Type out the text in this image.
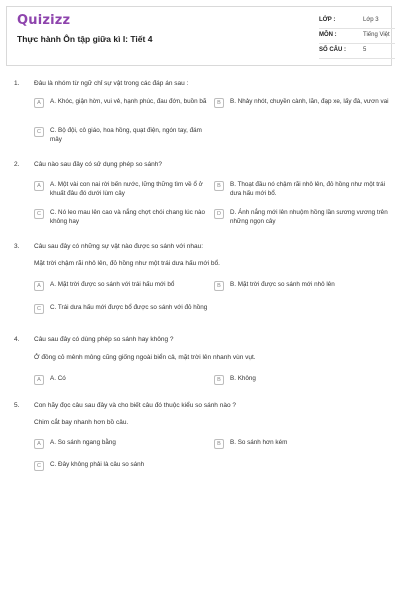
Quizizz
Thực hành Ôn tập giữa kì I: Tiết 4
LỚP :	Lớp 3
MÔN :	Tiếng Việt
SỐ CÂU :	5
1. Đâu là nhóm từ ngữ chỉ sự vật trong các đáp án sau :
A	A. Khóc, giận hờn, vui vẻ, hạnh phúc, đau đớn, buồn bã	B	B. Nhảy nhót, chuyền cành, lăn, đạp xe, lấy đà, vươn vai
C	C. Bộ đội, cô giáo, hoa hồng, quạt điện, ngón tay, đám mây
2. Câu nào sau đây có sử dụng phép so sánh?
A	A. Một vài con nai rời bến nước, lững thững tìm về ổ ở khuất đâu đó dưới lùm cây
B	B. Thoạt đầu nó chậm rãi nhô lên, đỏ hồng như một trái dưa hấu mới bổ.
C	C. Nó leo mau lên cao và nắng chợt chói chang lúc nào không hay
D	D. Ánh nắng mới lên nhuộm hồng lần sương vương trên những ngọn cây
3. Câu sau đây có những sự vật nào được so sánh với nhau:
Mặt trời chậm rãi nhô lên, đỏ hồng như một trái dưa hấu mới bổ.
A	A. Mặt trời được so sánh với trái hấu mới bổ	B	B. Mặt trời được so sánh mới nhô lên
C	C. Trái dưa hấu mới được bổ được so sánh với đỏ hồng
4. Câu sau đây có dùng phép so sánh hay không ?
Ở đồng cỏ mênh mông cũng giống ngoài biển cả, mặt trời lên nhanh vùn vụt.
A	A. Có	B	B. Không
5. Con hãy đọc câu sau đây và cho biết câu đó thuộc kiểu so sánh nào ?
Chim cắt bay nhanh hơn bồ câu.
A	A. So sánh ngang bằng	B	B. So sánh hơn kém
C	C. Đây không phải là câu so sánh
